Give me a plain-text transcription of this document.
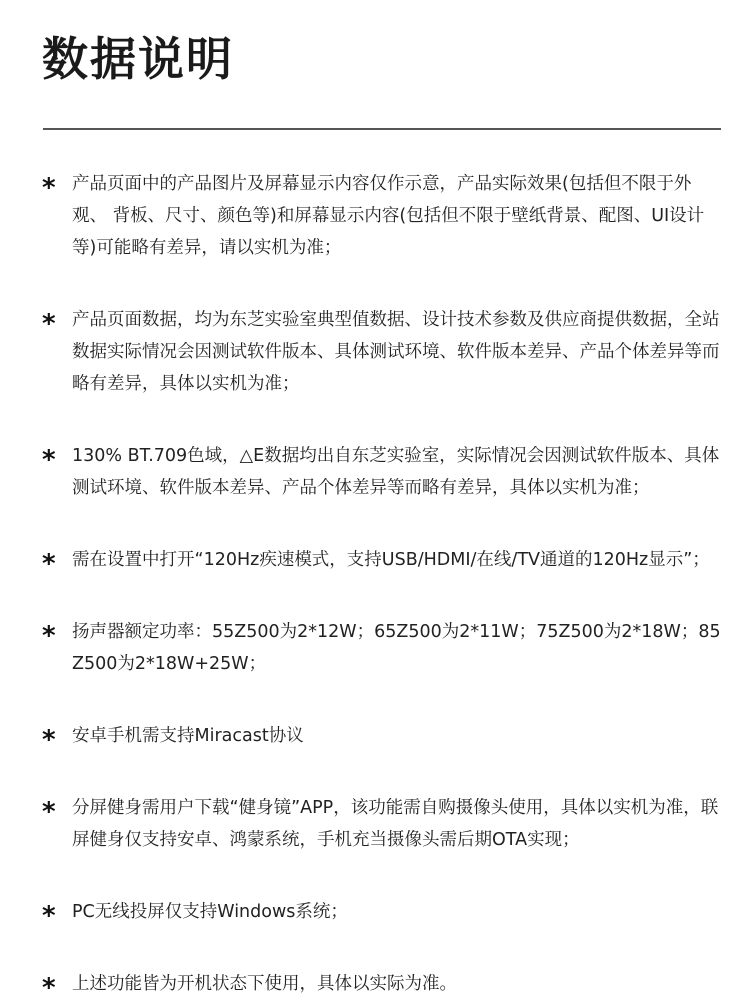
数据说明
* 产品页面中的产品图片及屏幕显示内容仅作示意，产品实际效果(包括但不限于外观、 背板、尺寸、颜色等)和屏幕显示内容(包括但不限于壁纸背景、配图、UI设计等)可能略有差异，请以实机为准；
* 产品页面数据，均为东芝实验室典型值数据、设计技术参数及供应商提供数据，全站数据实际情况会因测试软件版本、具体测试环境、软件版本差异、产品个体差异等而略有差异，具体以实机为准；
* 130% BT.709色域，△E数据均出自东芝实验室，实际情况会因测试软件版本、具体测试环境、软件版本差异、产品个体差异等而略有差异，具体以实机为准；
* 需在设置中打开“120Hz疾速模式，支持USB/HDMI/在线/TV通道的120Hz显示”；
* 扬声器额定功率：55Z500为2*12W；65Z500为2*11W；75Z500为2*18W；85Z500为2*18W+25W；
* 安卓手机需支持Miracast协议
* 分屏健身需用户下载“健身镜”APP，该功能需自购摄像头使用，具体以实机为准，联屏健身仅支持安卓、鸿蒙系统，手机充当摄像头需后期OTA实现；
* PC无线投屏仅支持Windows系统；
* 上述功能皆为开机状态下使用，具体以实际为准。
